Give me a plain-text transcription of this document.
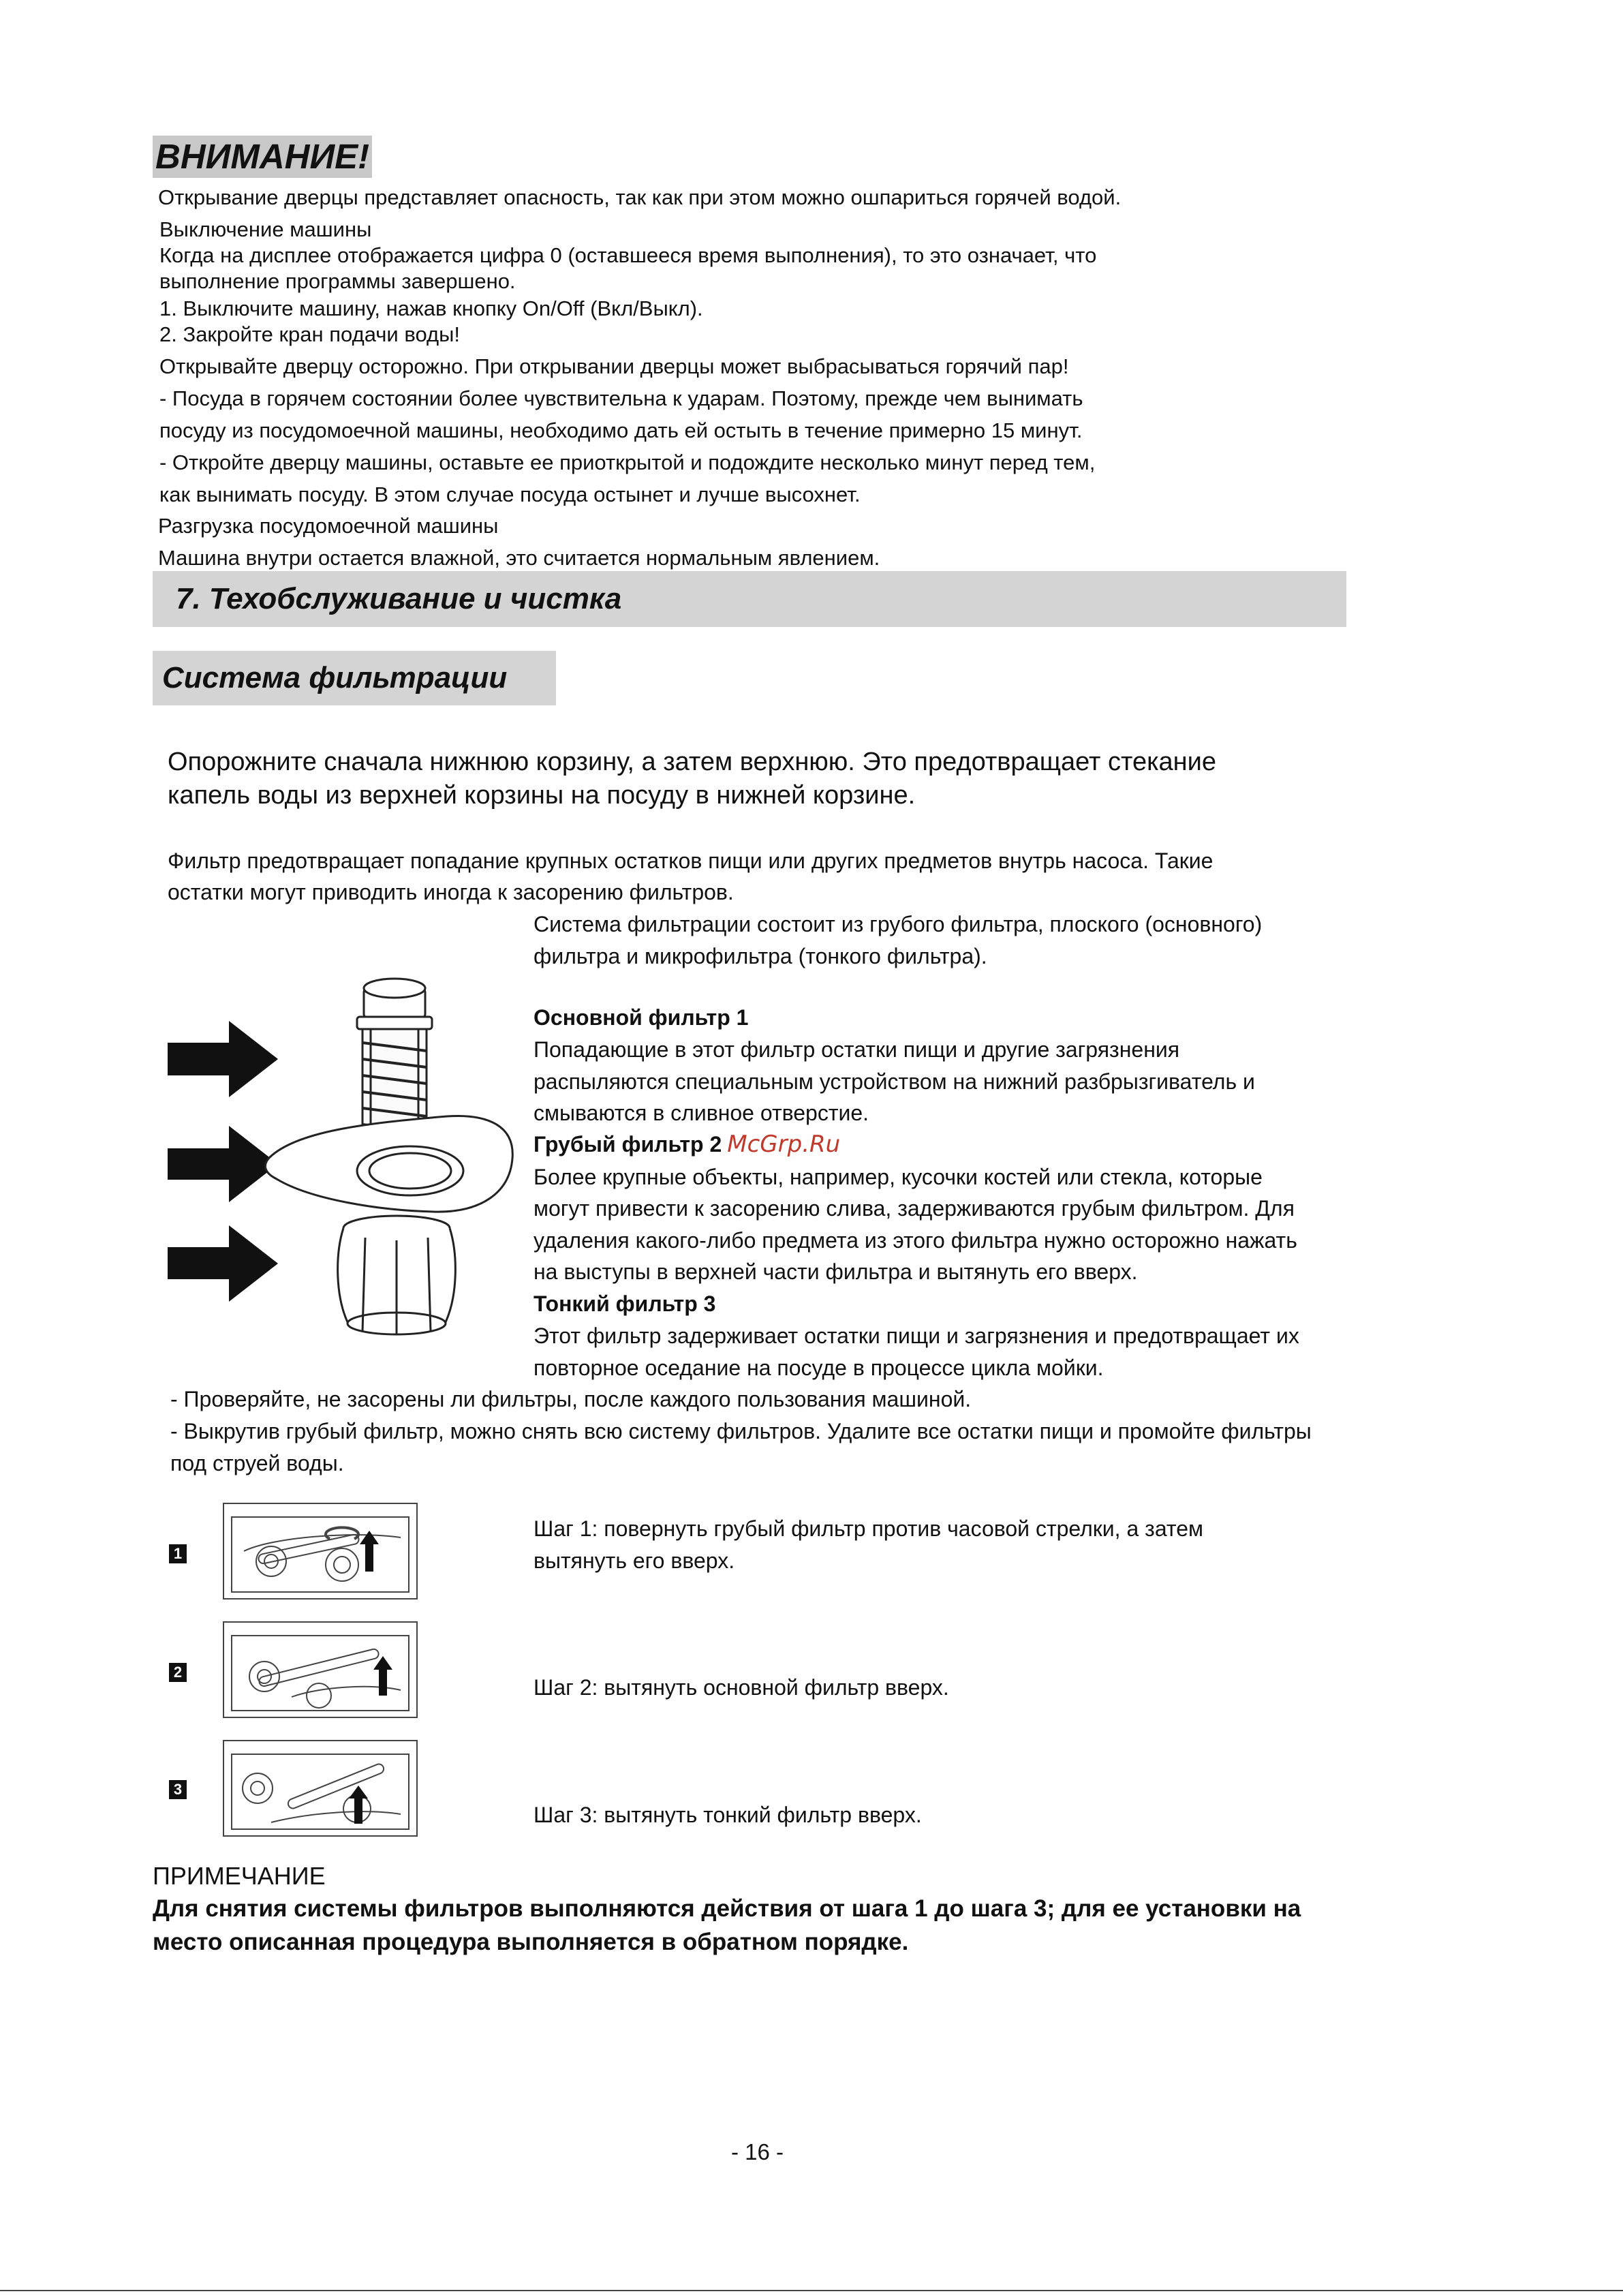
ВНИМАНИЕ!
Открывание дверцы представляет опасность, так как при этом можно ошпариться горячей водой.
Выключение машины
Когда на дисплее отображается цифра 0 (оставшееся время выполнения), то это означает, что
выполнение программы завершено.
1. Выключите машину, нажав кнопку On/Off (Вкл/Выкл).
2. Закройте кран подачи воды!
Открывайте дверцу осторожно. При открывании дверцы может выбрасываться горячий пар!
- Посуда в горячем состоянии более чувствительна к ударам. Поэтому, прежде чем вынимать
посуду из посудомоечной машины, необходимо дать ей остыть в течение примерно 15 минут.
- Откройте дверцу машины, оставьте ее приоткрытой и подождите несколько минут перед тем,
как вынимать посуду. В этом случае посуда остынет и лучше высохнет.
Разгрузка посудомоечной машины
Машина внутри остается влажной, это считается нормальным явлением.
7. Техобслуживание и чистка
Система фильтрации
Опорожните сначала нижнюю корзину, а затем верхнюю. Это предотвращает стекание
капель воды из верхней корзины на посуду в нижней корзине.
Фильтр предотвращает попадание крупных остатков пищи или других предметов внутрь насоса. Такие
остатки могут приводить иногда к засорению фильтров.
Система фильтрации состоит из грубого фильтра, плоского (основного)
фильтра и микрофильтра (тонкого фильтра).
Основной фильтр 1
Попадающие в этот фильтр остатки пищи и другие загрязнения
распыляются специальным устройством на нижний разбрызгиватель и
смываются в сливное отверстие.
Грубый фильтр 2 McGrp.Ru
Более крупные объекты, например, кусочки костей или стекла, которые
могут привести к засорению слива, задерживаются грубым фильтром. Для
удаления какого-либо предмета из этого фильтра нужно осторожно нажать
на выступы в верхней части фильтра и вытянуть его вверх.
Тонкий фильтр 3
Этот фильтр задерживает остатки пищи и загрязнения и предотвращает их
повторное оседание на посуде в процессе цикла мойки.
- Проверяйте, не засорены ли фильтры, после каждого пользования машиной.
- Выкрутив грубый фильтр, можно снять всю систему фильтров. Удалите все остатки пищи и промойте фильтры
под струей воды.
1
2
3
Шаг 1: повернуть грубый фильтр против часовой стрелки, а затем
вытянуть его вверх.
Шаг 2: вытянуть основной фильтр вверх.
Шаг 3: вытянуть тонкий фильтр вверх.
ПРИМЕЧАНИЕ
Для снятия системы фильтров выполняются действия от шага 1 до шага 3; для ее установки на
место описанная процедура выполняется в обратном порядке.
- 16 -
